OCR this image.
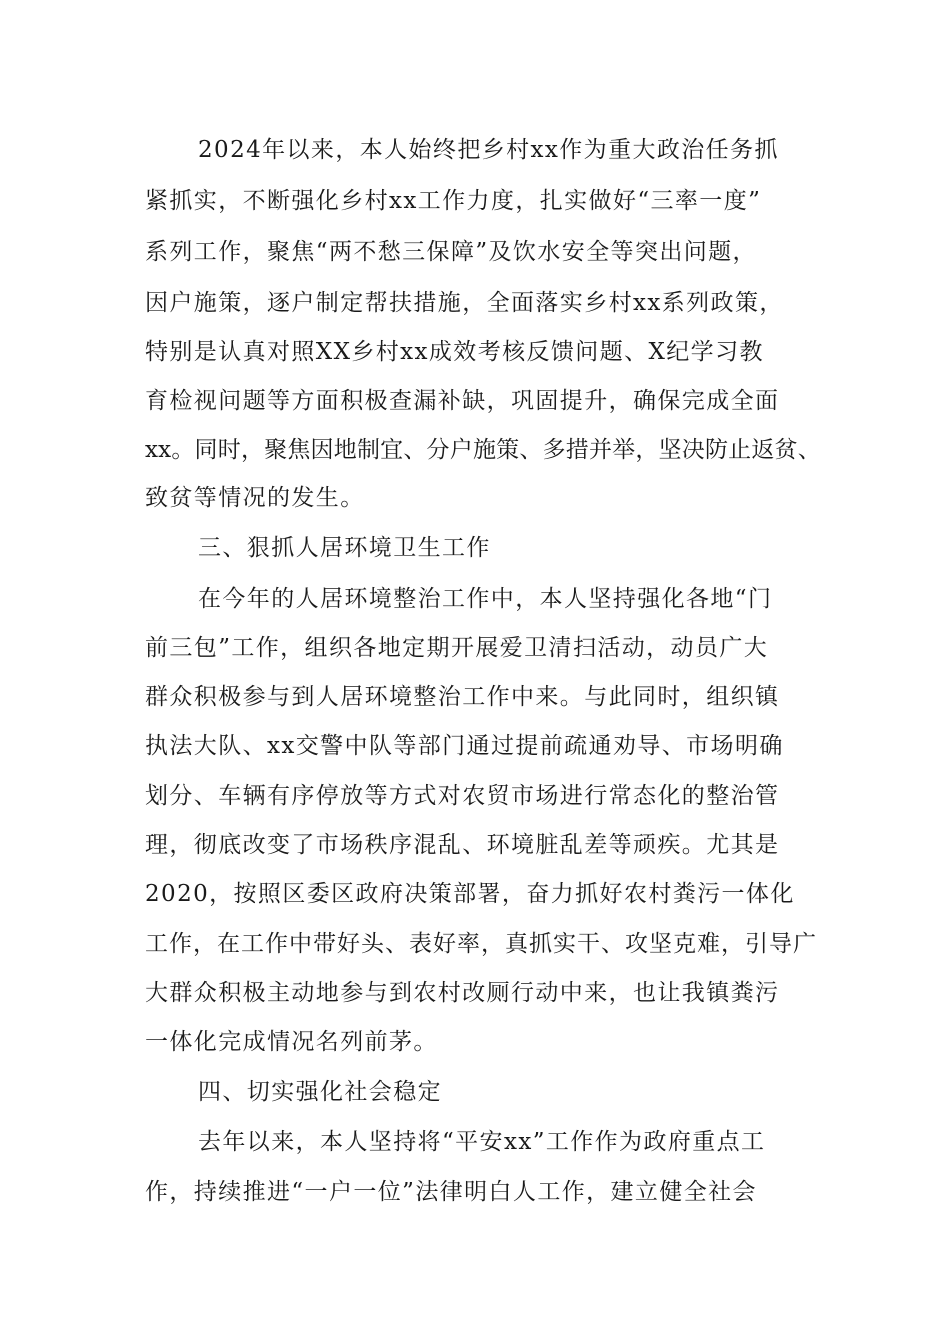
2024年以来，本人始终把乡村xx作为重大政治任务抓
紧抓实，不断强化乡村xx工作力度，扎实做好“三率一度”
系列工作，聚焦“两不愁三保障”及饮水安全等突出问题，
因户施策，逐户制定帮扶措施，全面落实乡村xx系列政策，
特别是认真对照XX乡村xx成效考核反馈问题、X纪学习教
育检视问题等方面积极查漏补缺，巩固提升，确保完成全面
xx。同时，聚焦因地制宜、分户施策、多措并举，坚决防止返贫、
致贫等情况的发生。
三、狠抓人居环境卫生工作
在今年的人居环境整治工作中，本人坚持强化各地“门
前三包”工作，组织各地定期开展爱卫清扫活动，动员广大
群众积极参与到人居环境整治工作中来。与此同时，组织镇
执法大队、xx交警中队等部门通过提前疏通劝导、市场明确
划分、车辆有序停放等方式对农贸市场进行常态化的整治管
理，彻底改变了市场秩序混乱、环境脏乱差等顽疾。尤其是
2020，按照区委区政府决策部署，奋力抓好农村粪污一体化
工作，在工作中带好头、表好率，真抓实干、攻坚克难，引导广
大群众积极主动地参与到农村改厕行动中来，也让我镇粪污
一体化完成情况名列前茅。
四、切实强化社会稳定
去年以来，本人坚持将“平安xx”工作作为政府重点工
作，持续推进“一户一位”法律明白人工作，建立健全社会
